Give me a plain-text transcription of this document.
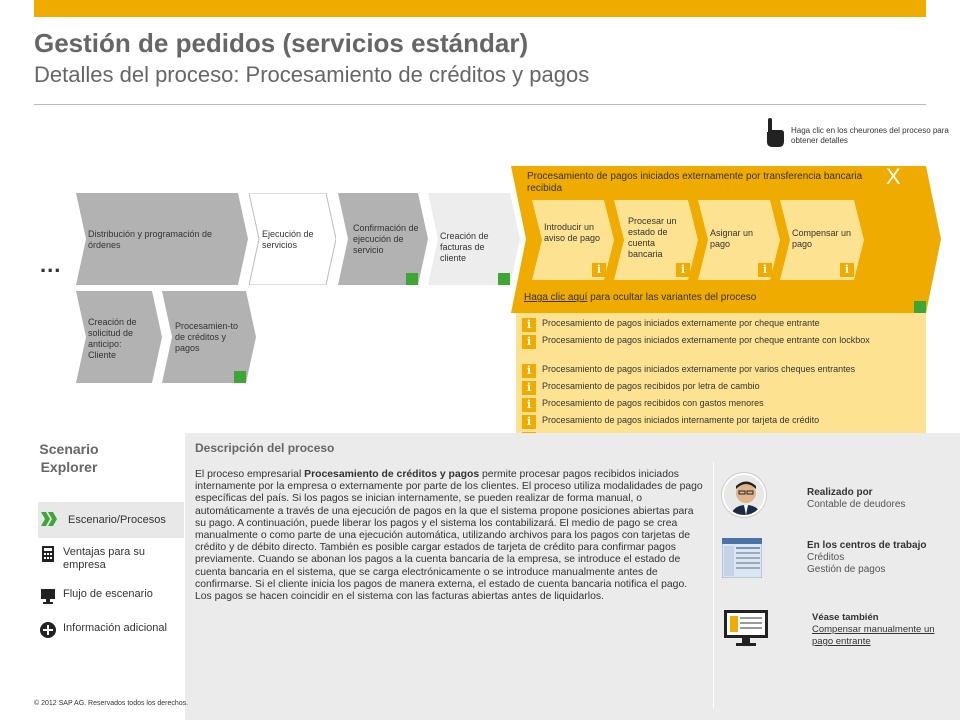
Gestión de pedidos (servicios estándar)
Detalles del proceso: Procesamiento de créditos y pagos
Haga clic en los cheurones del proceso para obtener detalles
...
Distribución y programación de órdenes
Ejecución de servicios
Confirmación de ejecución de servicio
Creación de facturas de cliente
Creación de solicitud de anticipo: Cliente
Procesamien-to de créditos y pagos
Procesamiento de pagos iniciados externamente por transferencia bancaria recibida	X
Introducir un aviso de pago
i
Procesar un estado de cuenta bancaria
i
Asignar un pago
i
Compensar un pago
i
Haga clic aquí para ocultar las variantes del proceso
i	Procesamiento de pagos iniciados externamente por cheque entrante
i	Procesamiento de pagos iniciados externamente por cheque entrante con lockbox
i	Procesamiento de pagos iniciados externamente por varios cheques entrantes
i	Procesamiento de pagos recibidos por letra de cambio
i	Procesamiento de pagos recibidos con gastos menores
i	Procesamiento de pagos iniciados internamente por tarjeta de crédito
Scenario Explorer
Escenario/Procesos
Ventajas para su empresa
Flujo de escenario
Información adicional
Descripción del proceso
El proceso empresarial Procesamiento de créditos y pagos permite procesar pagos recibidos iniciados internamente por la empresa o externamente por parte de los clientes. El proceso utiliza modalidades de pago específicas del país. Si los pagos se inician internamente, se pueden realizar de forma manual, o automáticamente a través de una ejecución de pagos en la que el sistema propone posiciones abiertas para su pago. A continuación, puede liberar los pagos y el sistema los contabilizará. El medio de pago se crea manualmente o como parte de una ejecución automática, utilizando archivos para los pagos con tarjetas de crédito y de débito directo. También es posible cargar estados de tarjeta de crédito para confirmar pagos previamente. Cuando se abonan los pagos a la cuenta bancaria de la empresa, se introduce el estado de cuenta bancaria en el sistema, que se carga electrónicamente o se introduce manualmente antes de confirmarse. Si el cliente inicia los pagos de manera externa, el estado de cuenta bancaria notifica el pago. Los pagos se hacen coincidir en el sistema con las facturas abiertas antes de liquidarlos.
Realizado por
Contable de deudores
En los centros de trabajo
Créditos
Gestión de pagos
Véase también
Compensar manualmente un pago entrante
© 2012 SAP AG. Reservados todos los derechos.
